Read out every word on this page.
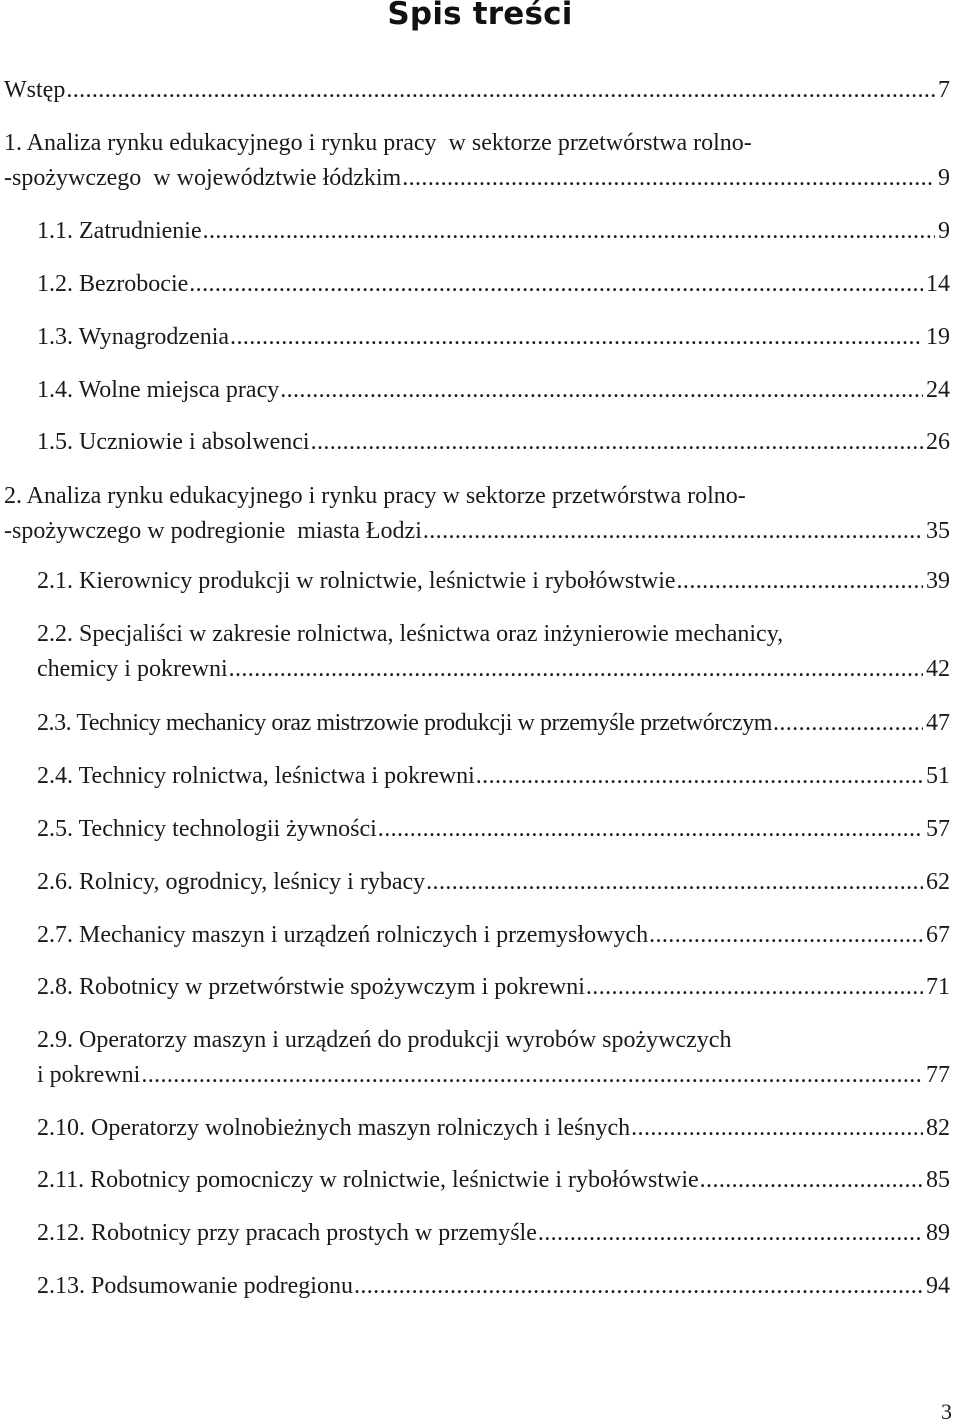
Spis treści
Wstęp .....	7
1. Analiza rynku edukacyjnego i rynku pracy  w sektorze przetwórstwa rolno-
-spożywczego  w województwie łódzkim .....	9
1.1. Zatrudnienie .....	9
1.2. Bezrobocie .....	14
1.3. Wynagrodzenia .....	19
1.4. Wolne miejsca pracy .....	24
1.5. Uczniowie i absolwenci .....	26
2. Analiza rynku edukacyjnego i rynku pracy w sektorze przetwórstwa rolno-
-spożywczego w podregionie  miasta Łodzi .....	35
2.1. Kierownicy produkcji w rolnictwie, leśnictwie i rybołówstwie .....	39
2.2. Specjaliści w zakresie rolnictwa, leśnictwa oraz inżynierowie mechanicy,
chemicy i pokrewni .....	42
2.3. Technicy mechanicy oraz mistrzowie produkcji w przemyśle przetwórczym .....	47
2.4. Technicy rolnictwa, leśnictwa i pokrewni .....	51
2.5. Technicy technologii żywności .....	57
2.6. Rolnicy, ogrodnicy, leśnicy i rybacy .....	62
2.7. Mechanicy maszyn i urządzeń rolniczych i przemysłowych .....	67
2.8. Robotnicy w przetwórstwie spożywczym i pokrewni .....	71
2.9. Operatorzy maszyn i urządzeń do produkcji wyrobów spożywczych
i pokrewni .....	77
2.10. Operatorzy wolnobieżnych maszyn rolniczych i leśnych .....	82
2.11. Robotnicy pomocniczy w rolnictwie, leśnictwie i rybołówstwie .....	85
2.12. Robotnicy przy pracach prostych w przemyśle .....	89
2.13. Podsumowanie podregionu .....	94
3
